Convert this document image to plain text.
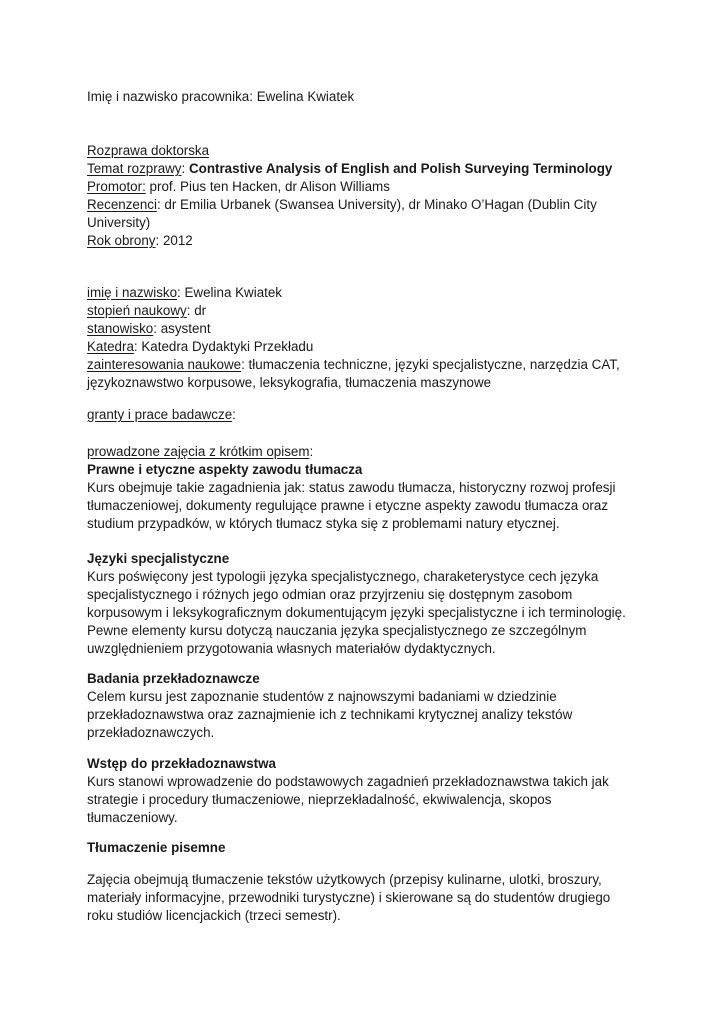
Imię i nazwisko pracownika: Ewelina Kwiatek

Rozprawa doktorska

Temat rozprawy: Contrastive Analysis of English and Polish Surveying Terminology

Promotor: prof. Pius ten Hacken, dr Alison Williams

Recenzenci: dr Emilia Urbanek (Swansea University), dr Minako O’Hagan (Dublin City

University)

Rok obrony: 2012

imię i nazwisko: Ewelina Kwiatek

stopień naukowy: dr

stanowisko: asystent

Katedra: Katedra Dydaktyki Przekładu

zainteresowania naukowe: tłumaczenia techniczne, języki specjalistyczne, narzędzia CAT,

językoznawstwo korpusowe, leksykografia, tłumaczenia maszynowe

granty i prace badawcze:

prowadzone zajęcia z krótkim opisem:

Prawne i etyczne aspekty zawodu tłumacza

Kurs obejmuje takie zagadnienia jak: status zawodu tłumacza, historyczny rozwoj profesji

tłumaczeniowej, dokumenty regulujące prawne i etyczne aspekty zawodu tłumacza oraz

studium przypadków, w których tłumacz styka się z problemami natury etycznej.

Języki specjalistyczne

Kurs poświęcony jest typologii języka specjalistycznego, charaketerystyce cech języka

specjalistycznego i różnych jego odmian oraz przyjrzeniu się dostępnym zasobom

korpusowym i leksykograficznym dokumentującym języki specjalistyczne i ich terminologię.

Pewne elementy kursu dotyczą nauczania języka specjalistycznego ze szczególnym

uwzględnieniem przygotowania własnych materiałów dydaktycznych.

Badania przekładoznawcze

Celem kursu jest zapoznanie studentów z najnowszymi badaniami w dziedzinie

przekładoznawstwa oraz zaznajmienie ich z technikami krytycznej analizy tekstów

przekładoznawczych.

Wstęp do przekładoznawstwa

Kurs stanowi wprowadzenie do podstawowych zagadnień przekładoznawstwa takich jak

strategie i procedury tłumaczeniowe, nieprzekładalność, ekwiwalencja, skopos

tłumaczeniowy.

Tłumaczenie pisemne

Zajęcia obejmują tłumaczenie tekstów użytkowych (przepisy kulinarne, ulotki, broszury,

materiały informacyjne, przewodniki turystyczne) i skierowane są do studentów drugiego

roku studiów licencjackich (trzeci semestr).
